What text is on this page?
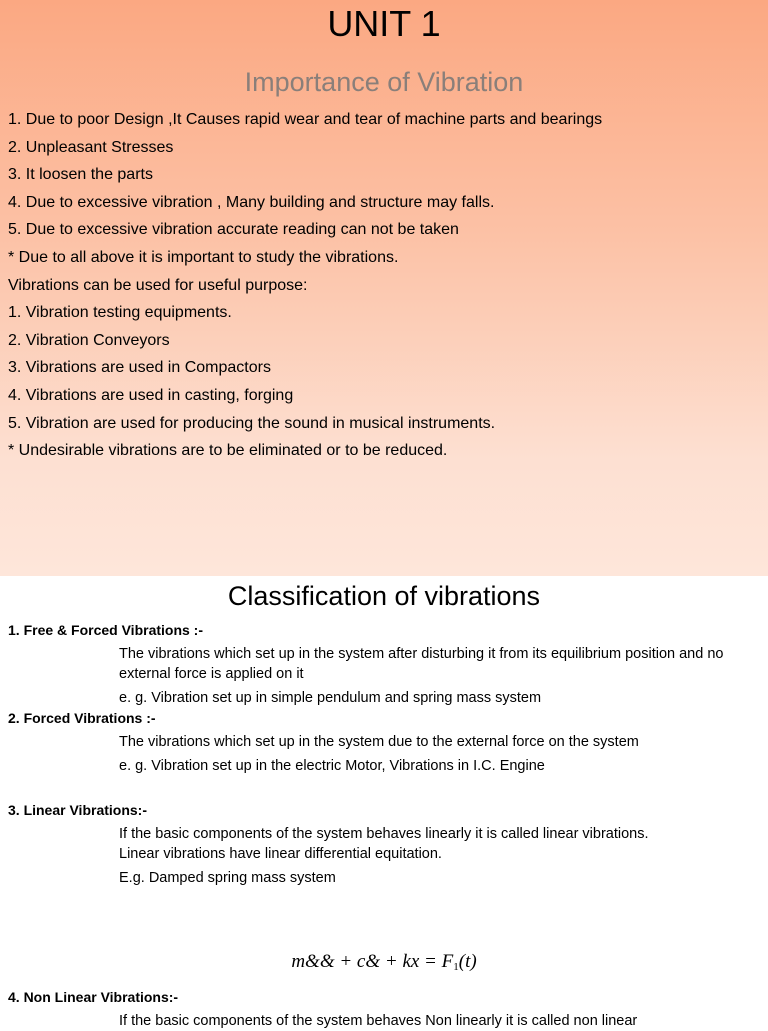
UNIT 1
Importance of Vibration
1. Due to poor Design ,It Causes rapid wear and tear of machine parts and bearings
2. Unpleasant Stresses
3. It loosen the parts
4. Due to excessive vibration , Many building and structure may falls.
5. Due to excessive vibration accurate reading can not be taken
* Due to all above it is important to study the vibrations.
Vibrations can be used for useful purpose:
1. Vibration testing equipments.
2. Vibration Conveyors
3. Vibrations are used in Compactors
4. Vibrations are used in casting, forging
5. Vibration are used for producing the sound in musical instruments.
* Undesirable vibrations are to be eliminated or to be reduced.
Classification of vibrations
1. Free & Forced Vibrations :-
The vibrations which set up in the system after disturbing it from its equilibrium position and no external force is applied on it
e. g. Vibration set up in simple pendulum and spring mass system
2. Forced Vibrations :-
The vibrations which set up in the system due to the external force on the system
e. g. Vibration set up in the electric Motor, Vibrations in I.C. Engine
3. Linear Vibrations:-
If the basic components of the system behaves linearly it is called linear vibrations.
Linear vibrations have linear differential equitation.
E.g. Damped spring mass system
m&& + c& + kx = F1(t)
4. Non Linear Vibrations:-
If the basic components of the system behaves Non linearly it is called non linear
